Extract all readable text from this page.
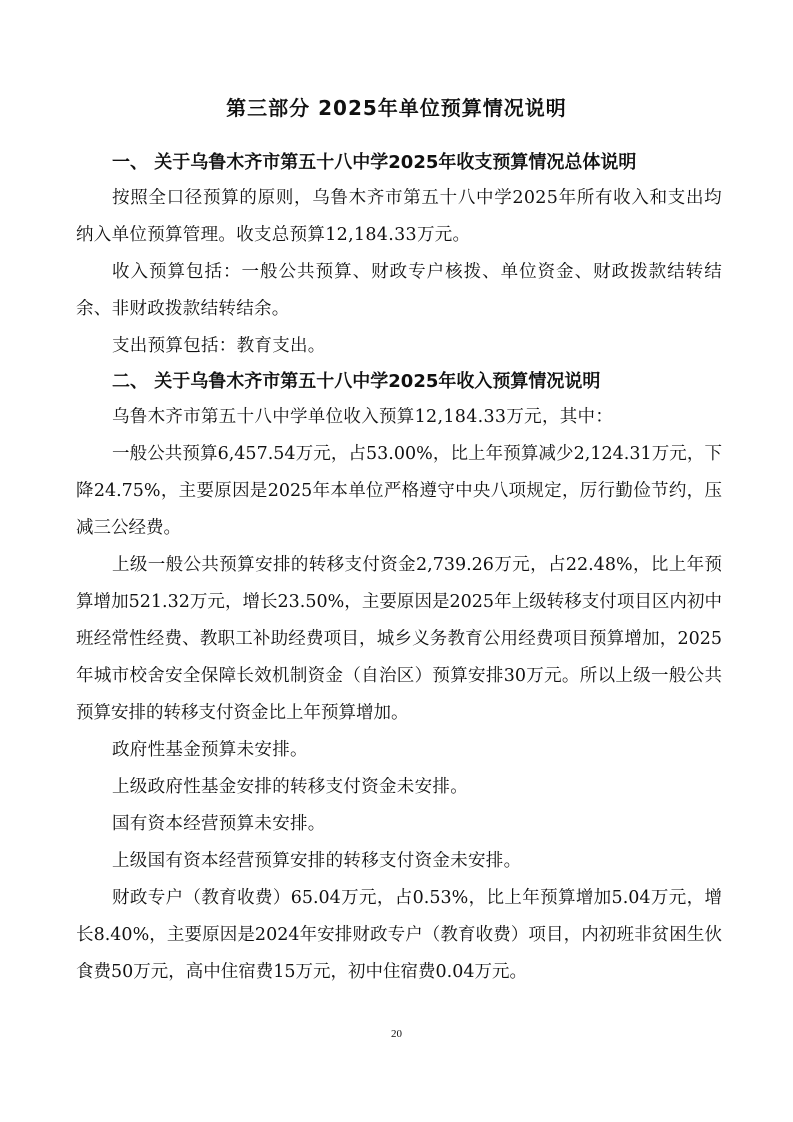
第三部分 2025年单位预算情况说明
一、 关于乌鲁木齐市第五十八中学2025年收支预算情况总体说明

按照全口径预算的原则，乌鲁木齐市第五十八中学2025年所有收入和支出均纳入单位预算管理。收支总预算12,184.33万元。

收入预算包括：一般公共预算、财政专户核拨、单位资金、财政拨款结转结余、非财政拨款结转结余。

支出预算包括：教育支出。

二、 关于乌鲁木齐市第五十八中学2025年收入预算情况说明

乌鲁木齐市第五十八中学单位收入预算12,184.33万元，其中：

一般公共预算6,457.54万元，占53.00%，比上年预算减少2,124.31万元，下降24.75%，主要原因是2025年本单位严格遵守中央八项规定，厉行勤俭节约，压减三公经费。

上级一般公共预算安排的转移支付资金2,739.26万元，占22.48%，比上年预算增加521.32万元，增长23.50%，主要原因是2025年上级转移支付项目区内初中班经常性经费、教职工补助经费项目，城乡义务教育公用经费项目预算增加，2025年城市校舍安全保障长效机制资金（自治区）预算安排30万元。所以上级一般公共预算安排的转移支付资金比上年预算增加。

政府性基金预算未安排。

上级政府性基金安排的转移支付资金未安排。

国有资本经营预算未安排。

上级国有资本经营预算安排的转移支付资金未安排。

财政专户（教育收费）65.04万元，占0.53%，比上年预算增加5.04万元，增长8.40%，主要原因是2024年安排财政专户（教育收费）项目，内初班非贫困生伙食费50万元，高中住宿费15万元，初中住宿费0.04万元。

20
